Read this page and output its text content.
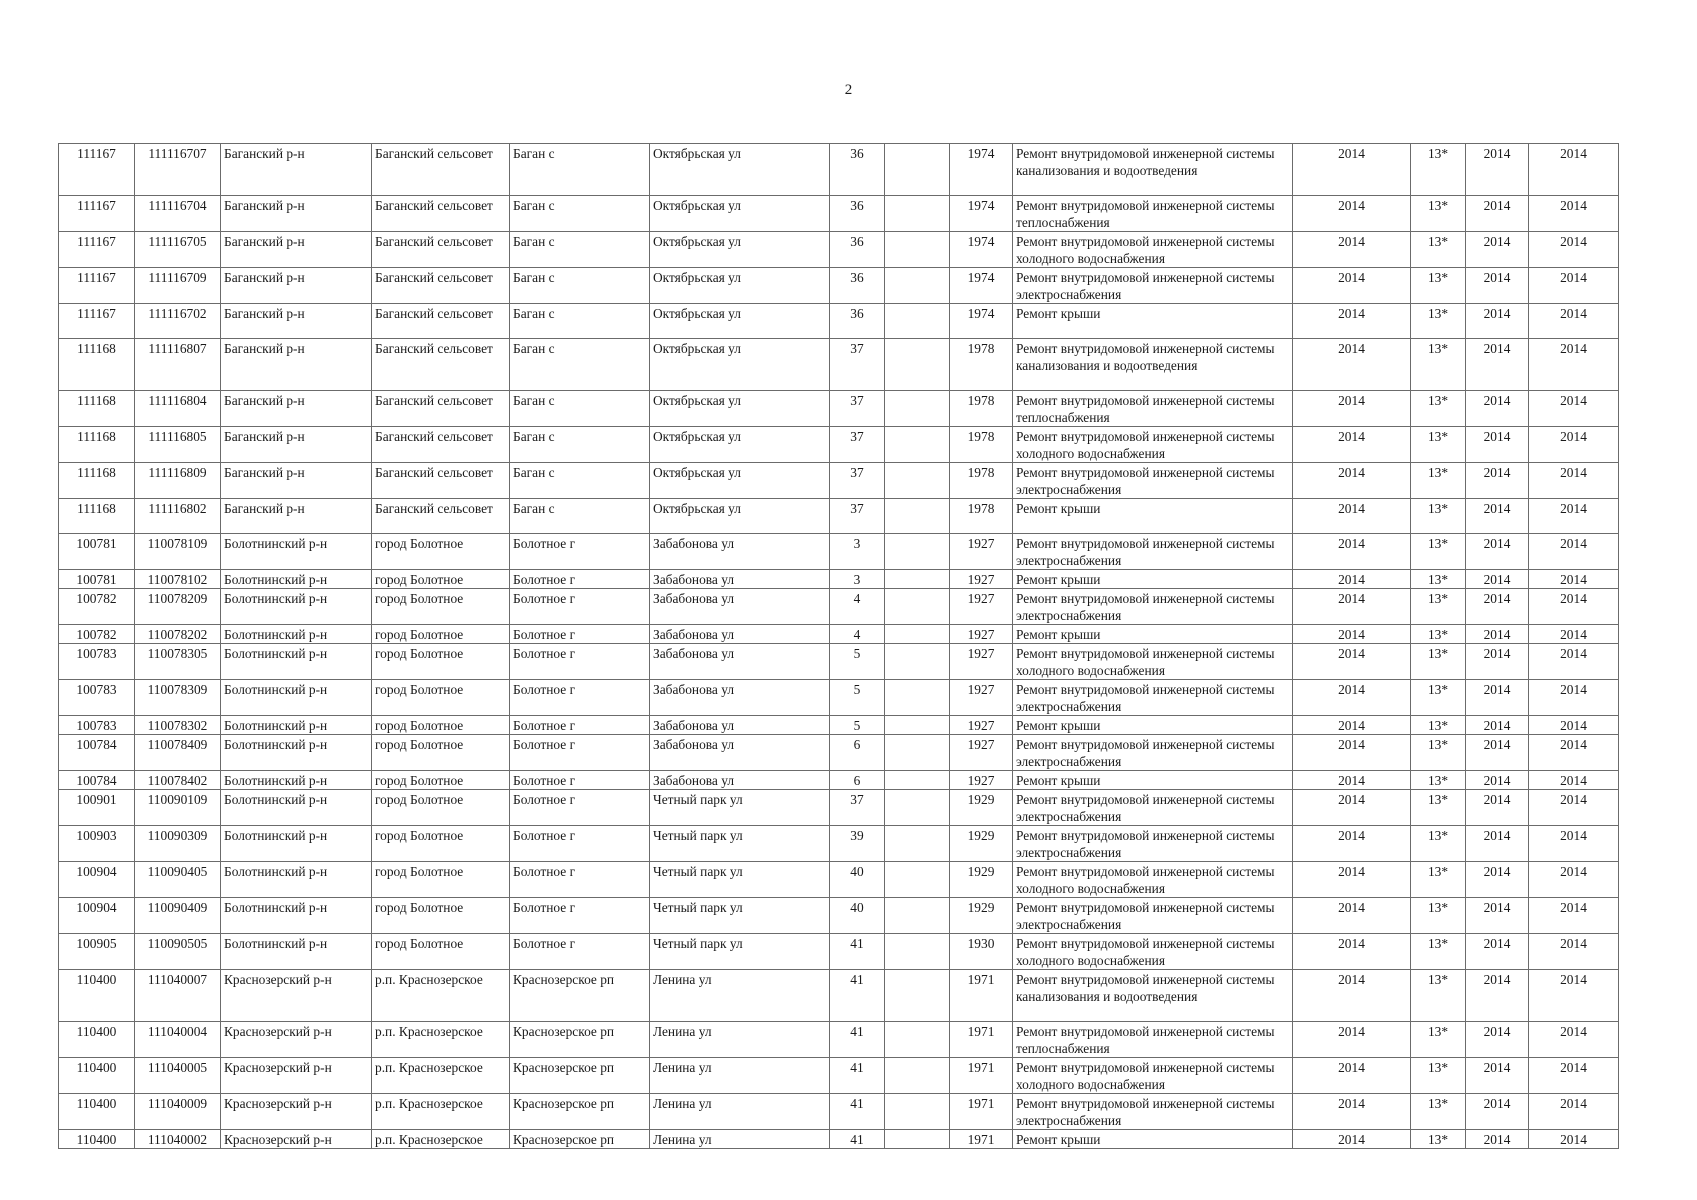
2
111167	111116707	Баганский р-н	Баганский сельсовет	Баган с	Октябрьская ул	36		1974	Ремонт внутридомовой инженерной системы канализования и водоотведения	2014	13*	2014	2014
111167	111116704	Баганский р-н	Баганский сельсовет	Баган с	Октябрьская ул	36		1974	Ремонт внутридомовой инженерной системы теплоснабжения	2014	13*	2014	2014
111167	111116705	Баганский р-н	Баганский сельсовет	Баган с	Октябрьская ул	36		1974	Ремонт внутридомовой инженерной системы холодного водоснабжения	2014	13*	2014	2014
111167	111116709	Баганский р-н	Баганский сельсовет	Баган с	Октябрьская ул	36		1974	Ремонт внутридомовой инженерной системы электроснабжения	2014	13*	2014	2014
111167	111116702	Баганский р-н	Баганский сельсовет	Баган с	Октябрьская ул	36		1974	Ремонт крыши	2014	13*	2014	2014
111168	111116807	Баганский р-н	Баганский сельсовет	Баган с	Октябрьская ул	37		1978	Ремонт внутридомовой инженерной системы канализования и водоотведения	2014	13*	2014	2014
111168	111116804	Баганский р-н	Баганский сельсовет	Баган с	Октябрьская ул	37		1978	Ремонт внутридомовой инженерной системы теплоснабжения	2014	13*	2014	2014
111168	111116805	Баганский р-н	Баганский сельсовет	Баган с	Октябрьская ул	37		1978	Ремонт внутридомовой инженерной системы холодного водоснабжения	2014	13*	2014	2014
111168	111116809	Баганский р-н	Баганский сельсовет	Баган с	Октябрьская ул	37		1978	Ремонт внутридомовой инженерной системы электроснабжения	2014	13*	2014	2014
111168	111116802	Баганский р-н	Баганский сельсовет	Баган с	Октябрьская ул	37		1978	Ремонт крыши	2014	13*	2014	2014
100781	110078109	Болотнинский р-н	город Болотное	Болотное г	Забабонова ул	3		1927	Ремонт внутридомовой инженерной системы электроснабжения	2014	13*	2014	2014
100781	110078102	Болотнинский р-н	город Болотное	Болотное г	Забабонова ул	3		1927	Ремонт крыши	2014	13*	2014	2014
100782	110078209	Болотнинский р-н	город Болотное	Болотное г	Забабонова ул	4		1927	Ремонт внутридомовой инженерной системы электроснабжения	2014	13*	2014	2014
100782	110078202	Болотнинский р-н	город Болотное	Болотное г	Забабонова ул	4		1927	Ремонт крыши	2014	13*	2014	2014
100783	110078305	Болотнинский р-н	город Болотное	Болотное г	Забабонова ул	5		1927	Ремонт внутридомовой инженерной системы холодного водоснабжения	2014	13*	2014	2014
100783	110078309	Болотнинский р-н	город Болотное	Болотное г	Забабонова ул	5		1927	Ремонт внутридомовой инженерной системы электроснабжения	2014	13*	2014	2014
100783	110078302	Болотнинский р-н	город Болотное	Болотное г	Забабонова ул	5		1927	Ремонт крыши	2014	13*	2014	2014
100784	110078409	Болотнинский р-н	город Болотное	Болотное г	Забабонова ул	6		1927	Ремонт внутридомовой инженерной системы электроснабжения	2014	13*	2014	2014
100784	110078402	Болотнинский р-н	город Болотное	Болотное г	Забабонова ул	6		1927	Ремонт крыши	2014	13*	2014	2014
100901	110090109	Болотнинский р-н	город Болотное	Болотное г	Четный парк ул	37		1929	Ремонт внутридомовой инженерной системы электроснабжения	2014	13*	2014	2014
100903	110090309	Болотнинский р-н	город Болотное	Болотное г	Четный парк ул	39		1929	Ремонт внутридомовой инженерной системы электроснабжения	2014	13*	2014	2014
100904	110090405	Болотнинский р-н	город Болотное	Болотное г	Четный парк ул	40		1929	Ремонт внутридомовой инженерной системы холодного водоснабжения	2014	13*	2014	2014
100904	110090409	Болотнинский р-н	город Болотное	Болотное г	Четный парк ул	40		1929	Ремонт внутридомовой инженерной системы электроснабжения	2014	13*	2014	2014
100905	110090505	Болотнинский р-н	город Болотное	Болотное г	Четный парк ул	41		1930	Ремонт внутридомовой инженерной системы холодного водоснабжения	2014	13*	2014	2014
110400	111040007	Краснозерский р-н	р.п. Краснозерское	Краснозерское рп	Ленина ул	41		1971	Ремонт внутридомовой инженерной системы канализования и водоотведения	2014	13*	2014	2014
110400	111040004	Краснозерский р-н	р.п. Краснозерское	Краснозерское рп	Ленина ул	41		1971	Ремонт внутридомовой инженерной системы теплоснабжения	2014	13*	2014	2014
110400	111040005	Краснозерский р-н	р.п. Краснозерское	Краснозерское рп	Ленина ул	41		1971	Ремонт внутридомовой инженерной системы холодного водоснабжения	2014	13*	2014	2014
110400	111040009	Краснозерский р-н	р.п. Краснозерское	Краснозерское рп	Ленина ул	41		1971	Ремонт внутридомовой инженерной системы электроснабжения	2014	13*	2014	2014
110400	111040002	Краснозерский р-н	р.п. Краснозерское	Краснозерское рп	Ленина ул	41		1971	Ремонт крыши	2014	13*	2014	2014
